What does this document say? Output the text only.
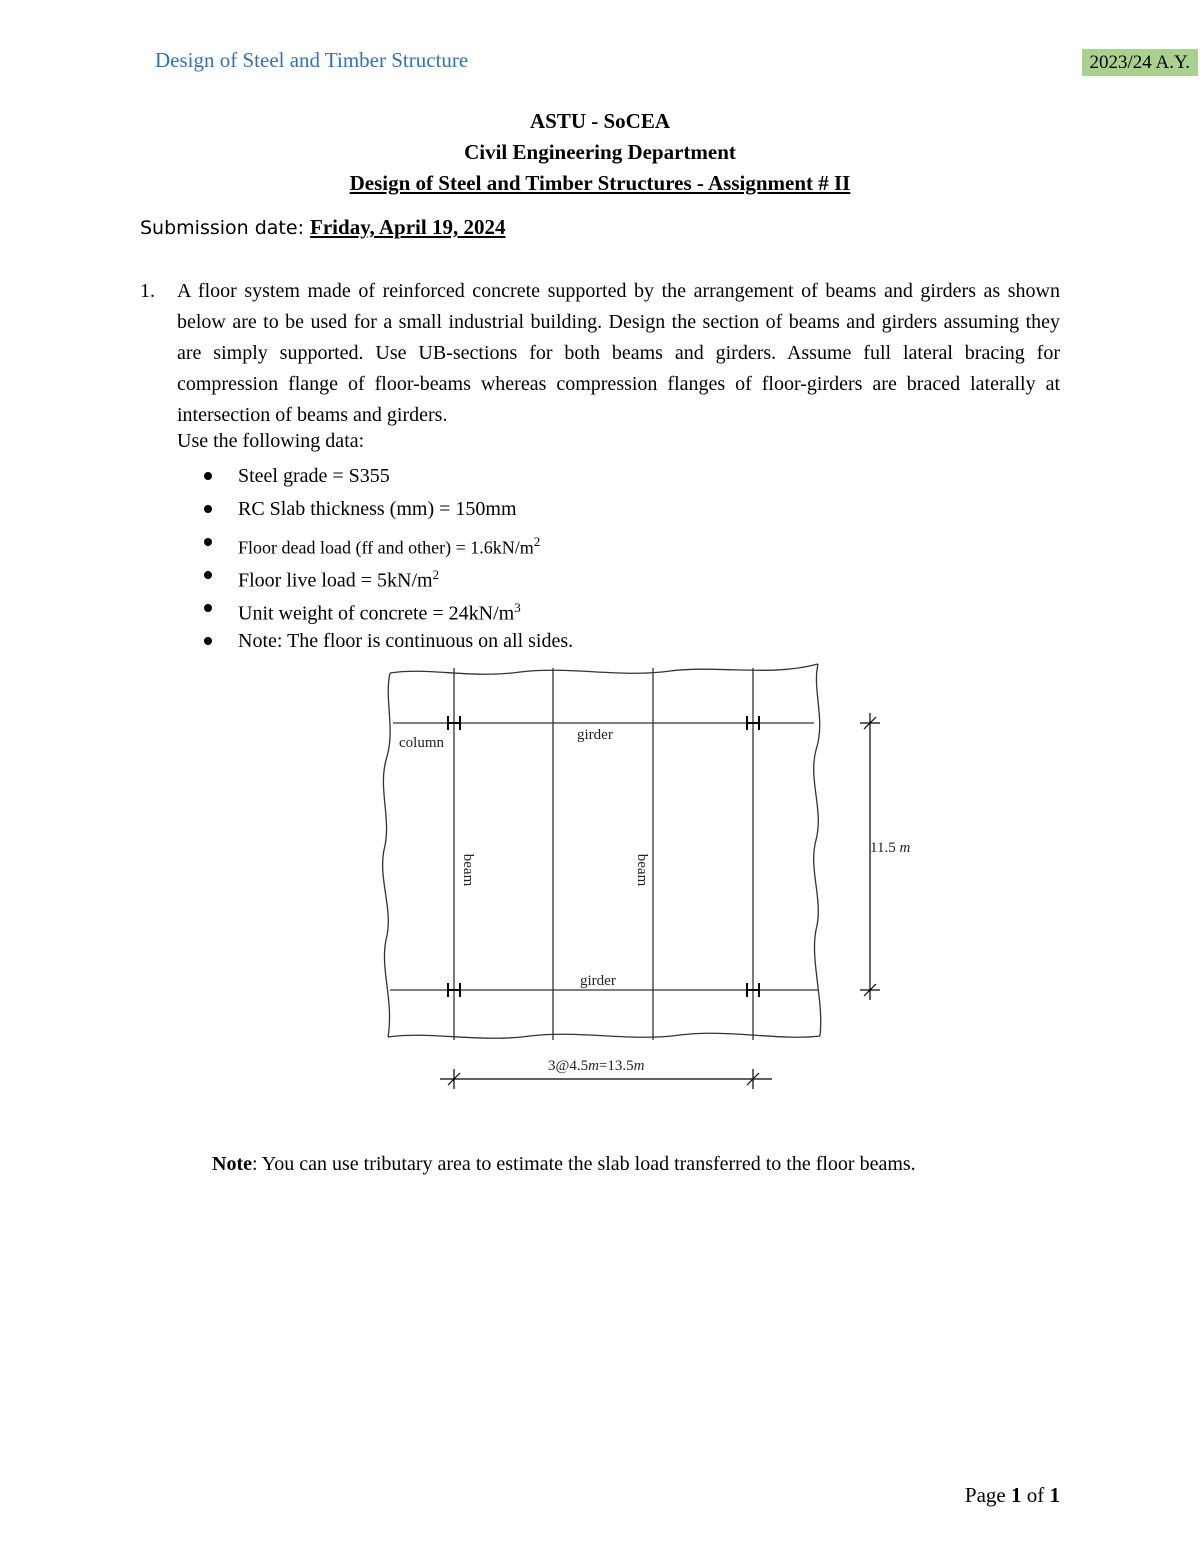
Design of Steel and Timber Structure	2023/24 A.Y.
ASTU - SoCEA
Civil Engineering Department
Design of Steel and Timber Structures - Assignment # II
Submission date: Friday, April 19, 2024
1. A floor system made of reinforced concrete supported by the arrangement of beams and girders as shown below are to be used for a small industrial building. Design the section of beams and girders assuming they are simply supported. Use UB-sections for both beams and girders. Assume full lateral bracing for compression flange of floor-beams whereas compression flanges of floor-girders are braced laterally at intersection of beams and girders.
Use the following data:
Steel grade = S355
RC Slab thickness (mm) = 150mm
Floor dead load (ff and other) = $1.6kN/m^2$
Floor live load = $5kN/m^2$
Unit weight of concrete = $24kN/m^3$
Note: The floor is continuous on all sides.
column	girder
girder
beam	beam
11.5 m
3@4.5m=13.5m
Note: You can use tributary area to estimate the slab load transferred to the floor beams.
Page 1 of 1
